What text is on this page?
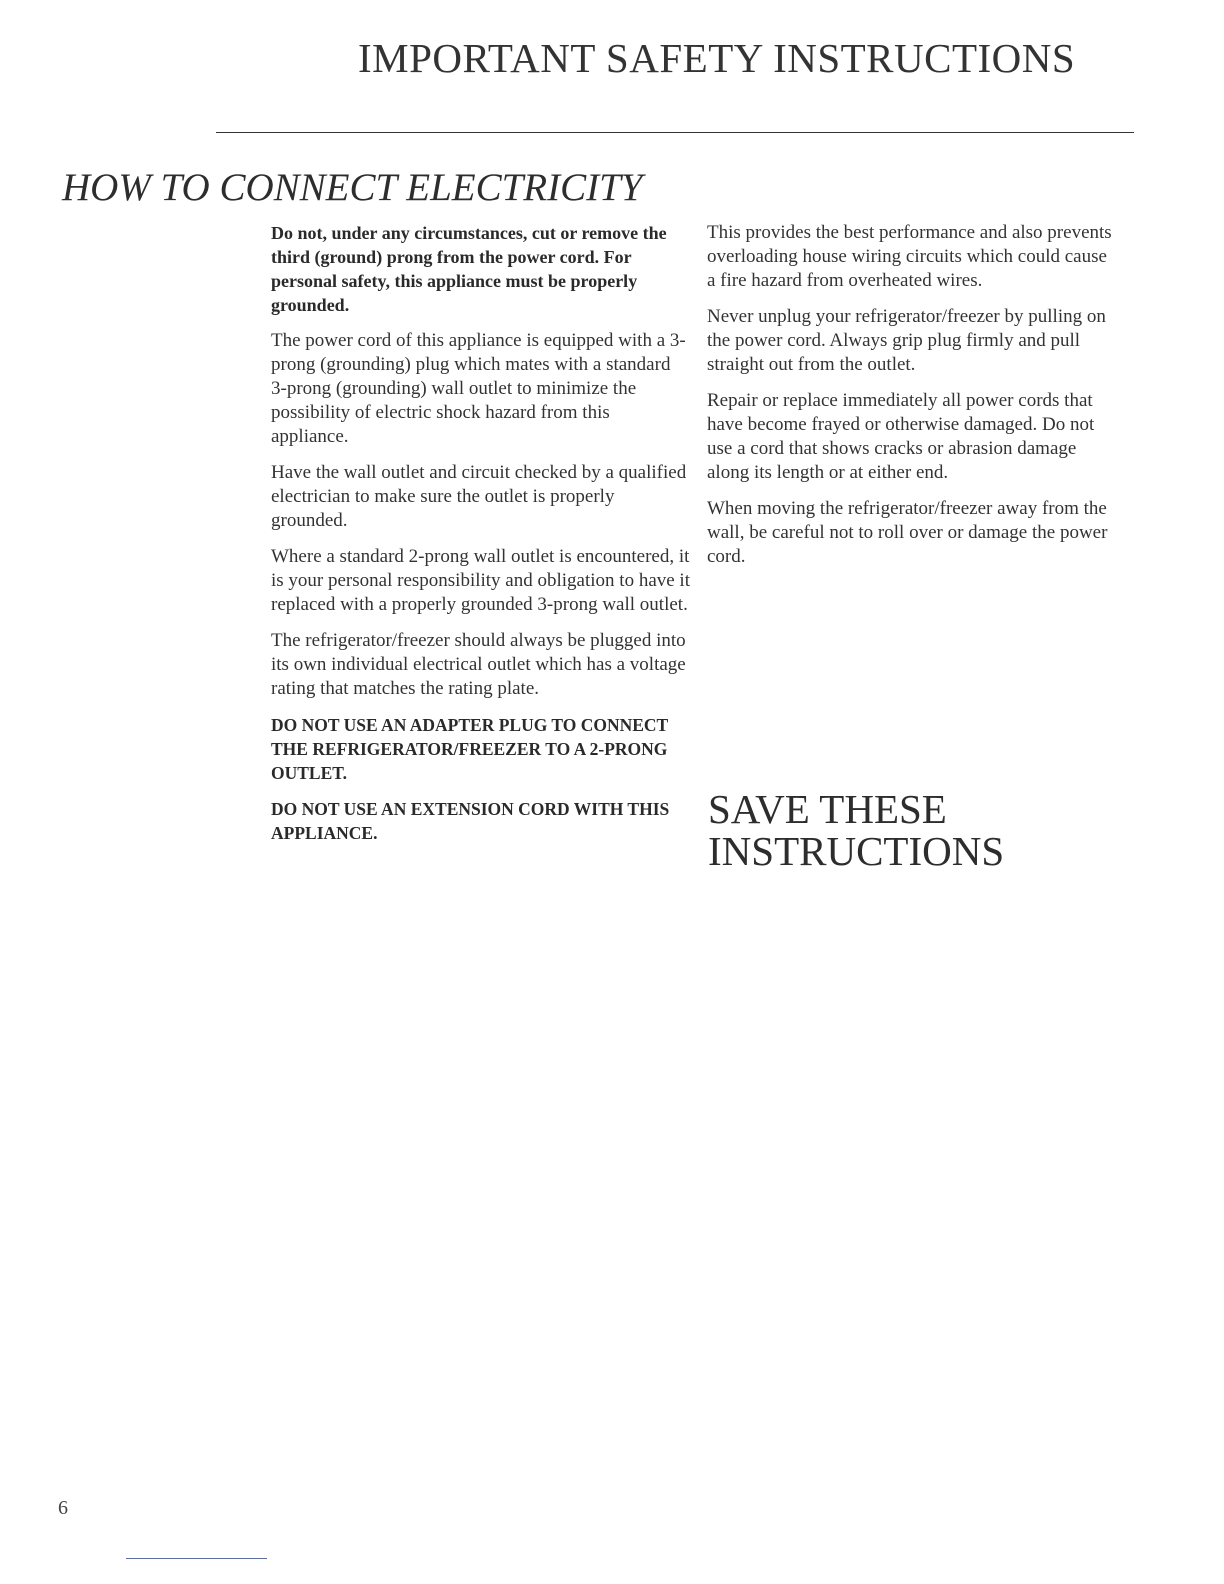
IMPORTANT SAFETY INSTRUCTIONS
HOW TO CONNECT ELECTRICITY

Do not, under any circumstances, cut or remove the third (ground) prong from the power cord. For personal safety, this appliance must be properly grounded.

The power cord of this appliance is equipped with a 3-prong (grounding) plug which mates with a standard 3-prong (grounding) wall outlet to minimize the possibility of electric shock hazard from this appliance.

Have the wall outlet and circuit checked by a qualified electrician to make sure the outlet is properly grounded.

Where a standard 2-prong wall outlet is encountered, it is your personal responsibility and obligation to have it replaced with a properly grounded 3-prong wall outlet.

The refrigerator/freezer should always be plugged into its own individual electrical outlet which has a voltage rating that matches the rating plate.

DO NOT USE AN ADAPTER PLUG TO CONNECT THE REFRIGERATOR/FREEZER TO A 2-PRONG OUTLET.

DO NOT USE AN EXTENSION CORD WITH THIS APPLIANCE.

This provides the best performance and also prevents overloading house wiring circuits which could cause a fire hazard from overheated wires.

Never unplug your refrigerator/freezer by pulling on the power cord. Always grip plug firmly and pull straight out from the outlet.

Repair or replace immediately all power cords that have become frayed or otherwise damaged. Do not use a cord that shows cracks or abrasion damage along its length or at either end.

When moving the refrigerator/freezer away from the wall, be careful not to roll over or damage the power cord.

SAVE THESE
INSTRUCTIONS
6
